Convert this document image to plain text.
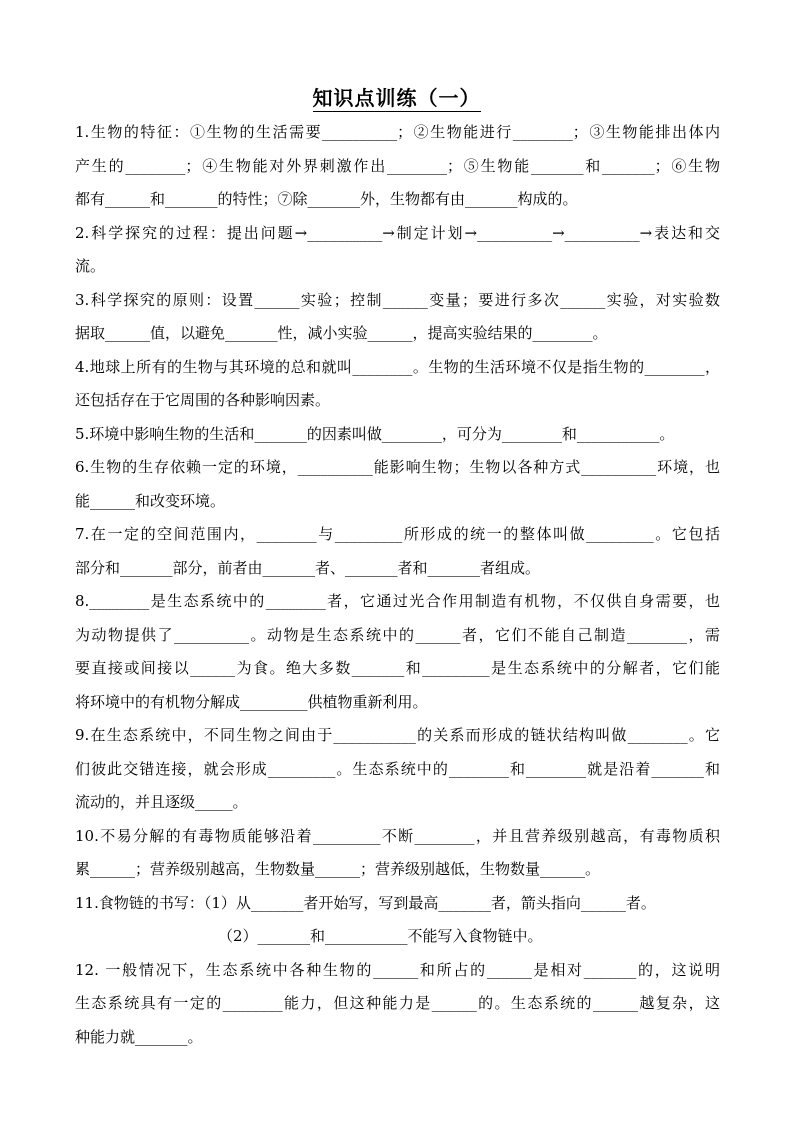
知识点训练（一）
1.生物的特征：①生物的生活需要__________；②生物能进行________；③生物能排出体内
产生的________；④生物能对外界刺激作出________；⑤生物能_______和_______；⑥生物
都有______和_______的特性；⑦除_______外，生物都有由_______构成的。
2.科学探究的过程：提出问题→__________→制定计划→__________→__________→表达和交
流。
3.科学探究的原则：设置______实验；控制______变量；要进行多次______实验，对实验数
据取______值，以避免_______性，减小实验______，提高实验结果的________。
4.地球上所有的生物与其环境的总和就叫________。生物的生活环境不仅是指生物的________，
还包括存在于它周围的各种影响因素。
5.环境中影响生物的生活和_______的因素叫做________，可分为________和___________。
6.生物的生存依赖一定的环境，__________能影响生物；生物以各种方式__________环境，也
能______和改变环境。
7.在一定的空间范围内，________与_________所形成的统一的整体叫做_________。它包括
部分和_______部分，前者由_______者、_______者和_______者组成。
8.________是生态系统中的________者，它通过光合作用制造有机物，不仅供自身需要，也
为动物提供了__________。动物是生态系统中的______者，它们不能自己制造________，需
要直接或间接以______为食。绝大多数_______和_________是生态系统中的分解者，它们能
将环境中的有机物分解成_________供植物重新利用。
9.在生态系统中，不同生物之间由于___________的关系而形成的链状结构叫做________。它
们彼此交错连接，就会形成_________。生态系统中的________和________就是沿着_______和
流动的，并且逐级_____。
10.不易分解的有毒物质能够沿着_________不断________，并且营养级别越高，有毒物质积
累______；营养级别越高，生物数量______；营养级别越低，生物数量______。
11.食物链的书写：（1）从_______者开始写，写到最高_______者，箭头指向______者。
（2）_______和___________不能写入食物链中。
12. 一般情况下，生态系统中各种生物的______和所占的______是相对_______的，这说明
生态系统具有一定的________能力，但这种能力是______的。生态系统的______越复杂，这
种能力就_______。
